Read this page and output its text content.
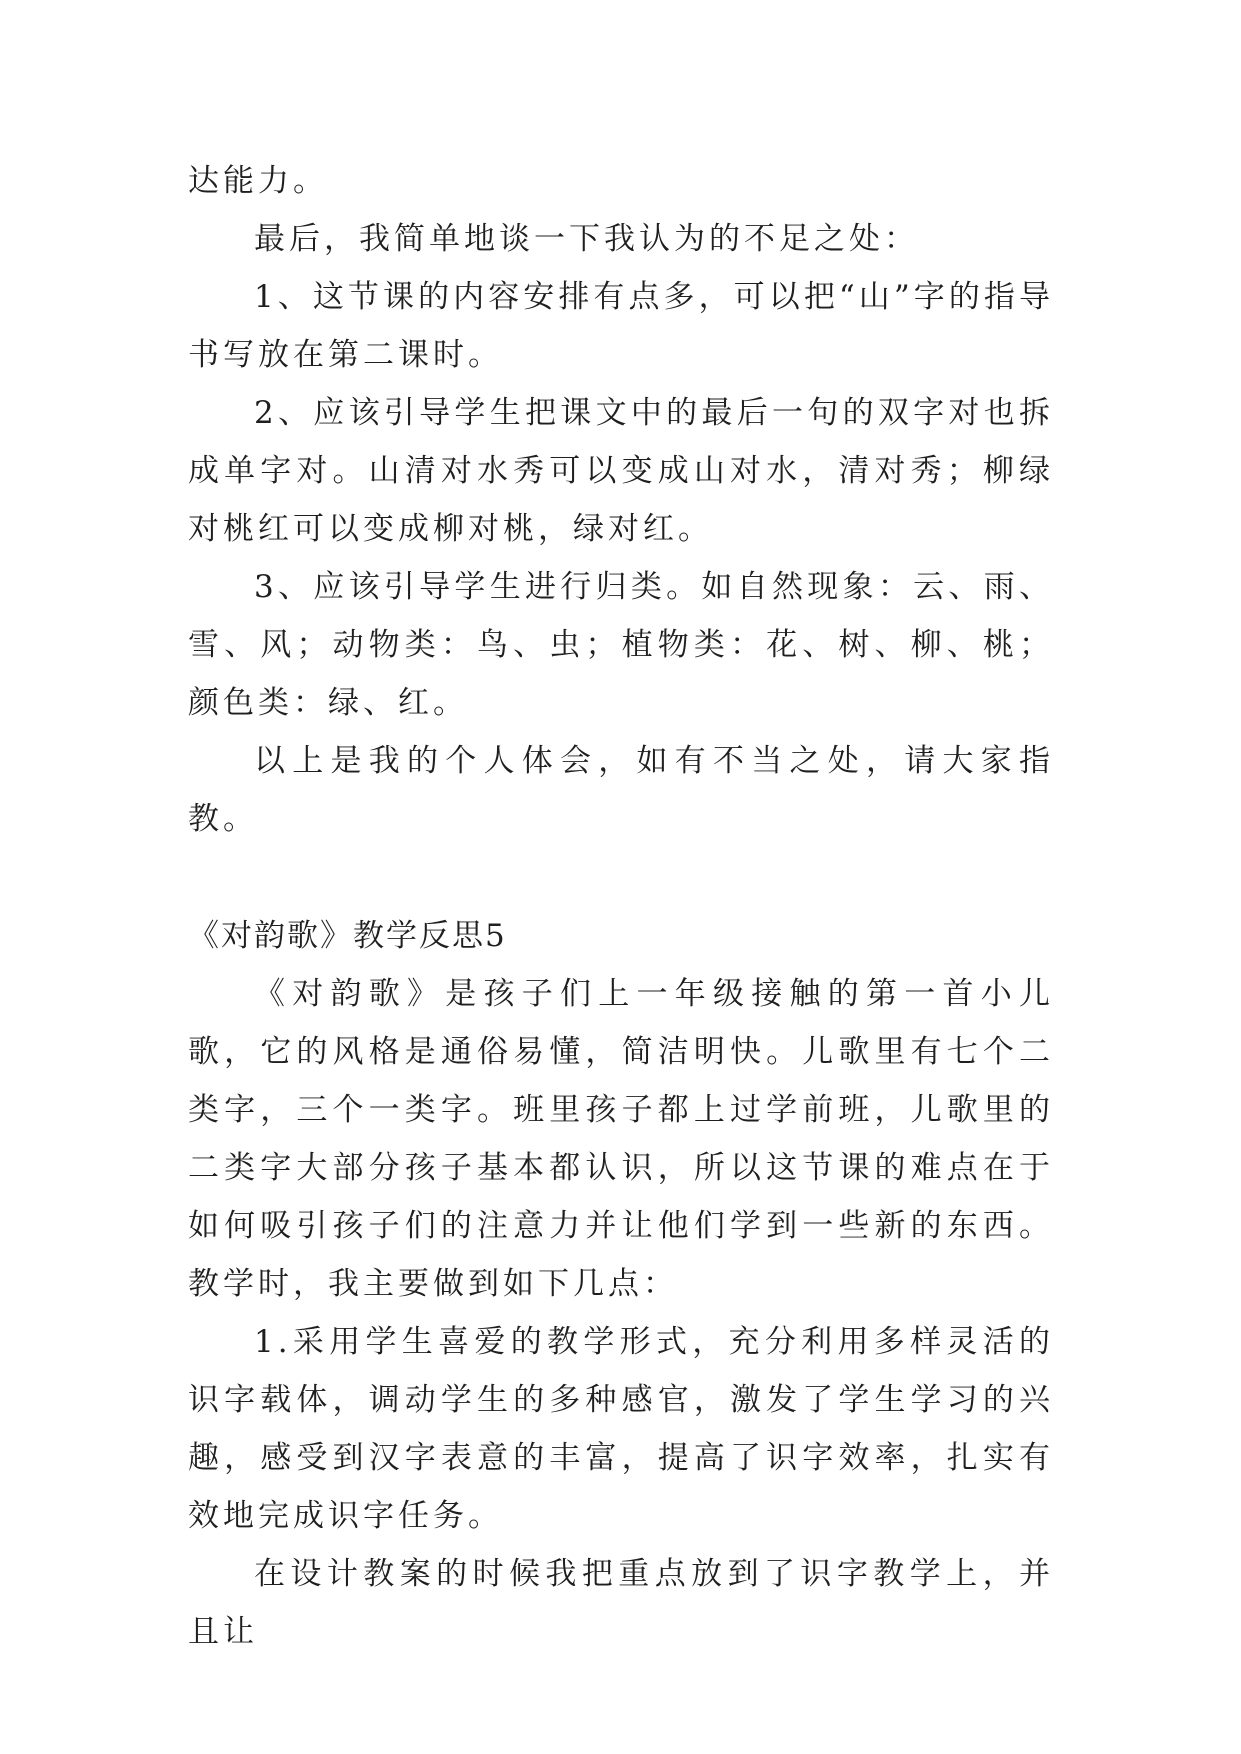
达能力。

最后，我简单地谈一下我认为的不足之处：

1、这节课的内容安排有点多，可以把“山”字的指导书写放在第二课时。

2、应该引导学生把课文中的最后一句的双字对也拆成单字对。山清对水秀可以变成山对水，清对秀；柳绿对桃红可以变成柳对桃，绿对红。

3、应该引导学生进行归类。如自然现象：云、雨、雪、风；动物类：鸟、虫；植物类：花、树、柳、桃；颜色类：绿、红。

以上是我的个人体会，如有不当之处，请大家指教。

《对韵歌》教学反思5

《对韵歌》是孩子们上一年级接触的第一首小儿歌，它的风格是通俗易懂，简洁明快。儿歌里有七个二类字，三个一类字。班里孩子都上过学前班，儿歌里的二类字大部分孩子基本都认识，所以这节课的难点在于如何吸引孩子们的注意力并让他们学到一些新的东西。教学时，我主要做到如下几点：

1.采用学生喜爱的教学形式，充分利用多样灵活的识字载体，调动学生的多种感官，激发了学生学习的兴趣，感受到汉字表意的丰富，提高了识字效率，扎实有效地完成识字任务。

在设计教案的时候我把重点放到了识字教学上，并且让
